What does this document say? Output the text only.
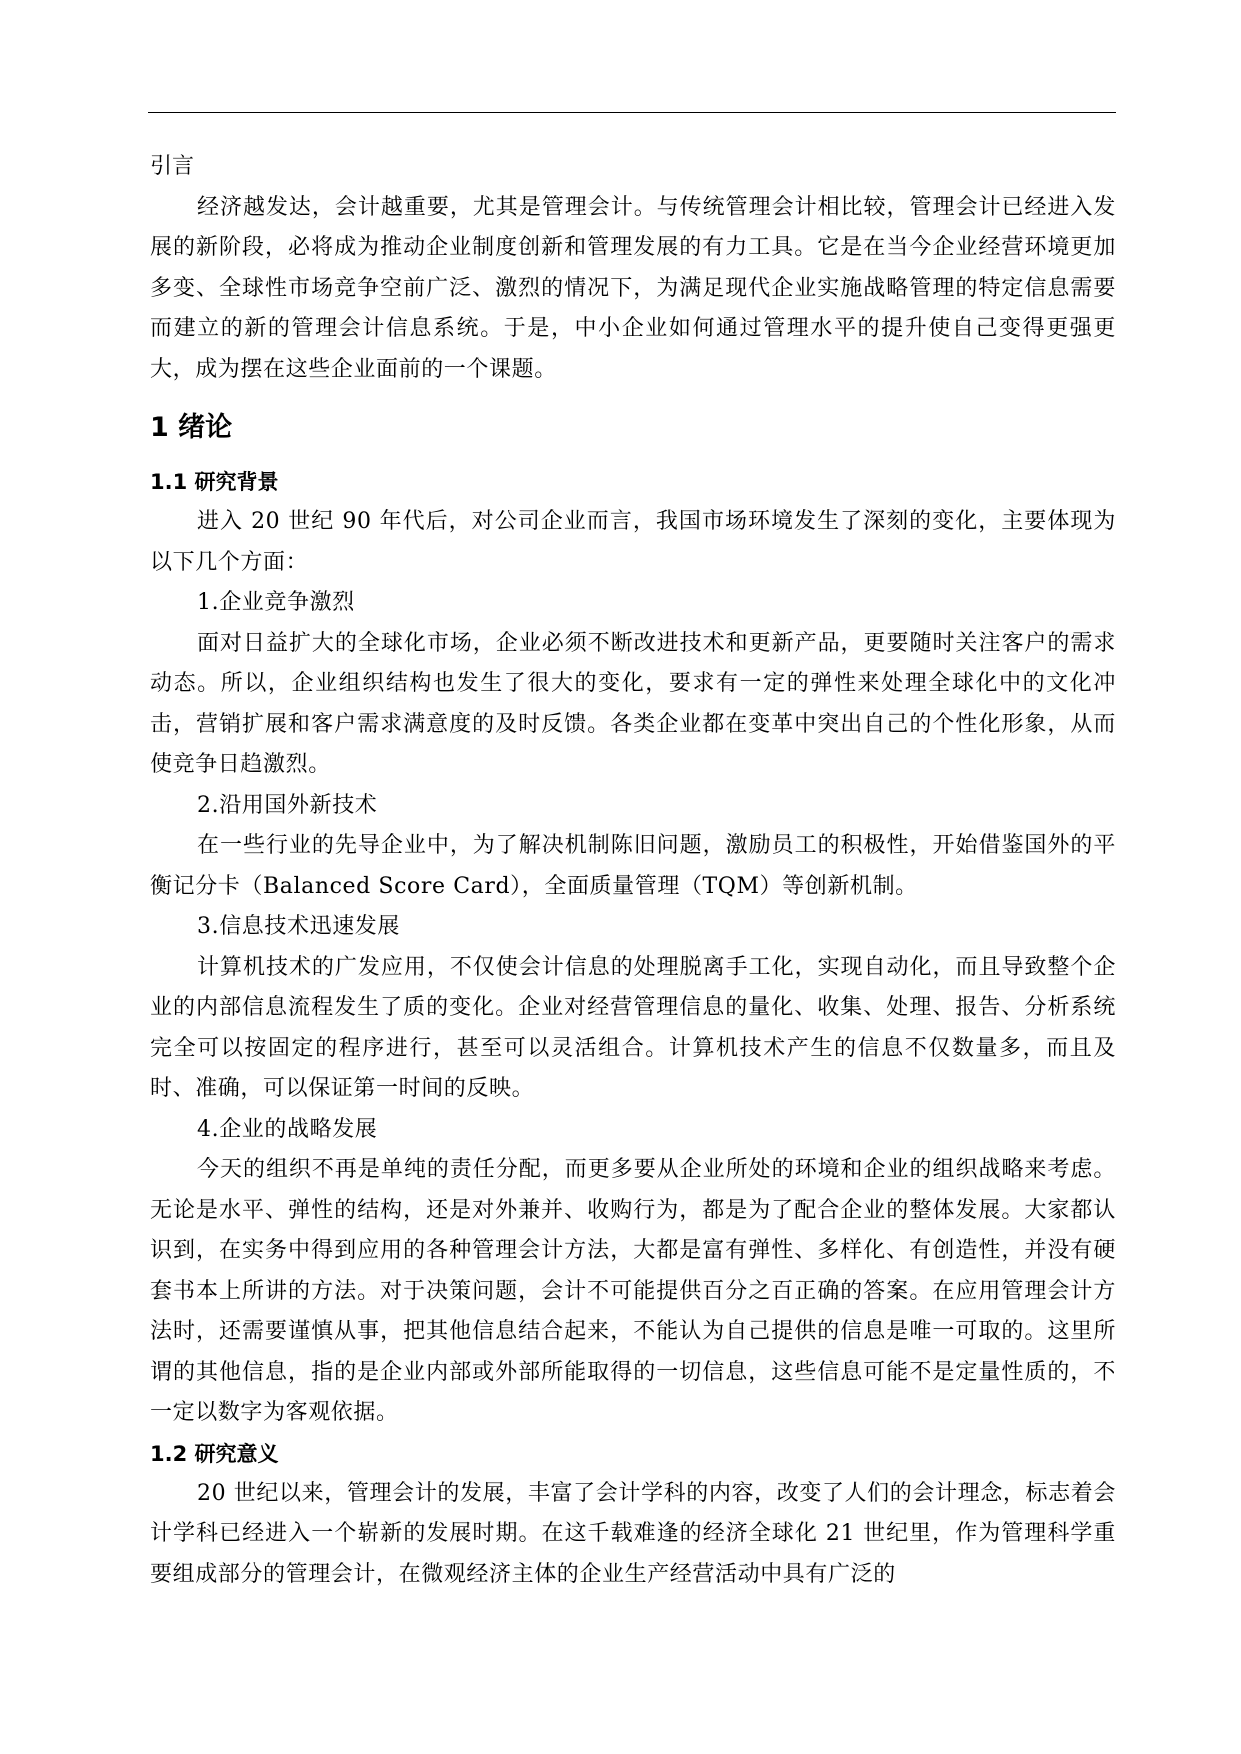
引言

经济越发达，会计越重要，尤其是管理会计。与传统管理会计相比较，管理会计已经进入发展的新阶段，必将成为推动企业制度创新和管理发展的有力工具。它是在当今企业经营环境更加多变、全球性市场竞争空前广泛、激烈的情况下，为满足现代企业实施战略管理的特定信息需要而建立的新的管理会计信息系统。于是，中小企业如何通过管理水平的提升使自己变得更强更大，成为摆在这些企业面前的一个课题。

1 绪论
1.1 研究背景

进入 20 世纪 90 年代后，对公司企业而言，我国市场环境发生了深刻的变化，主要体现为以下几个方面：

1.企业竞争激烈

面对日益扩大的全球化市场，企业必须不断改进技术和更新产品，更要随时关注客户的需求动态。所以，企业组织结构也发生了很大的变化，要求有一定的弹性来处理全球化中的文化冲击，营销扩展和客户需求满意度的及时反馈。各类企业都在变革中突出自己的个性化形象，从而使竞争日趋激烈。

2.沿用国外新技术

在一些行业的先导企业中，为了解决机制陈旧问题，激励员工的积极性，开始借鉴国外的平衡记分卡（Balanced Score Card），全面质量管理（TQM）等创新机制。

3.信息技术迅速发展

计算机技术的广发应用，不仅使会计信息的处理脱离手工化，实现自动化，而且导致整个企业的内部信息流程发生了质的变化。企业对经营管理信息的量化、收集、处理、报告、分析系统完全可以按固定的程序进行，甚至可以灵活组合。计算机技术产生的信息不仅数量多，而且及时、准确，可以保证第一时间的反映。

4.企业的战略发展

今天的组织不再是单纯的责任分配，而更多要从企业所处的环境和企业的组织战略来考虑。无论是水平、弹性的结构，还是对外兼并、收购行为，都是为了配合企业的整体发展。大家都认识到，在实务中得到应用的各种管理会计方法，大都是富有弹性、多样化、有创造性，并没有硬套书本上所讲的方法。对于决策问题，会计不可能提供百分之百正确的答案。在应用管理会计方法时，还需要谨慎从事，把其他信息结合起来，不能认为自己提供的信息是唯一可取的。这里所谓的其他信息，指的是企业内部或外部所能取得的一切信息，这些信息可能不是定量性质的，不一定以数字为客观依据。

1.2 研究意义

20 世纪以来，管理会计的发展，丰富了会计学科的内容，改变了人们的会计理念，标志着会计学科已经进入一个崭新的发展时期。在这千载难逢的经济全球化 21 世纪里，作为管理科学重要组成部分的管理会计，在微观经济主体的企业生产经营活动中具有广泛的
